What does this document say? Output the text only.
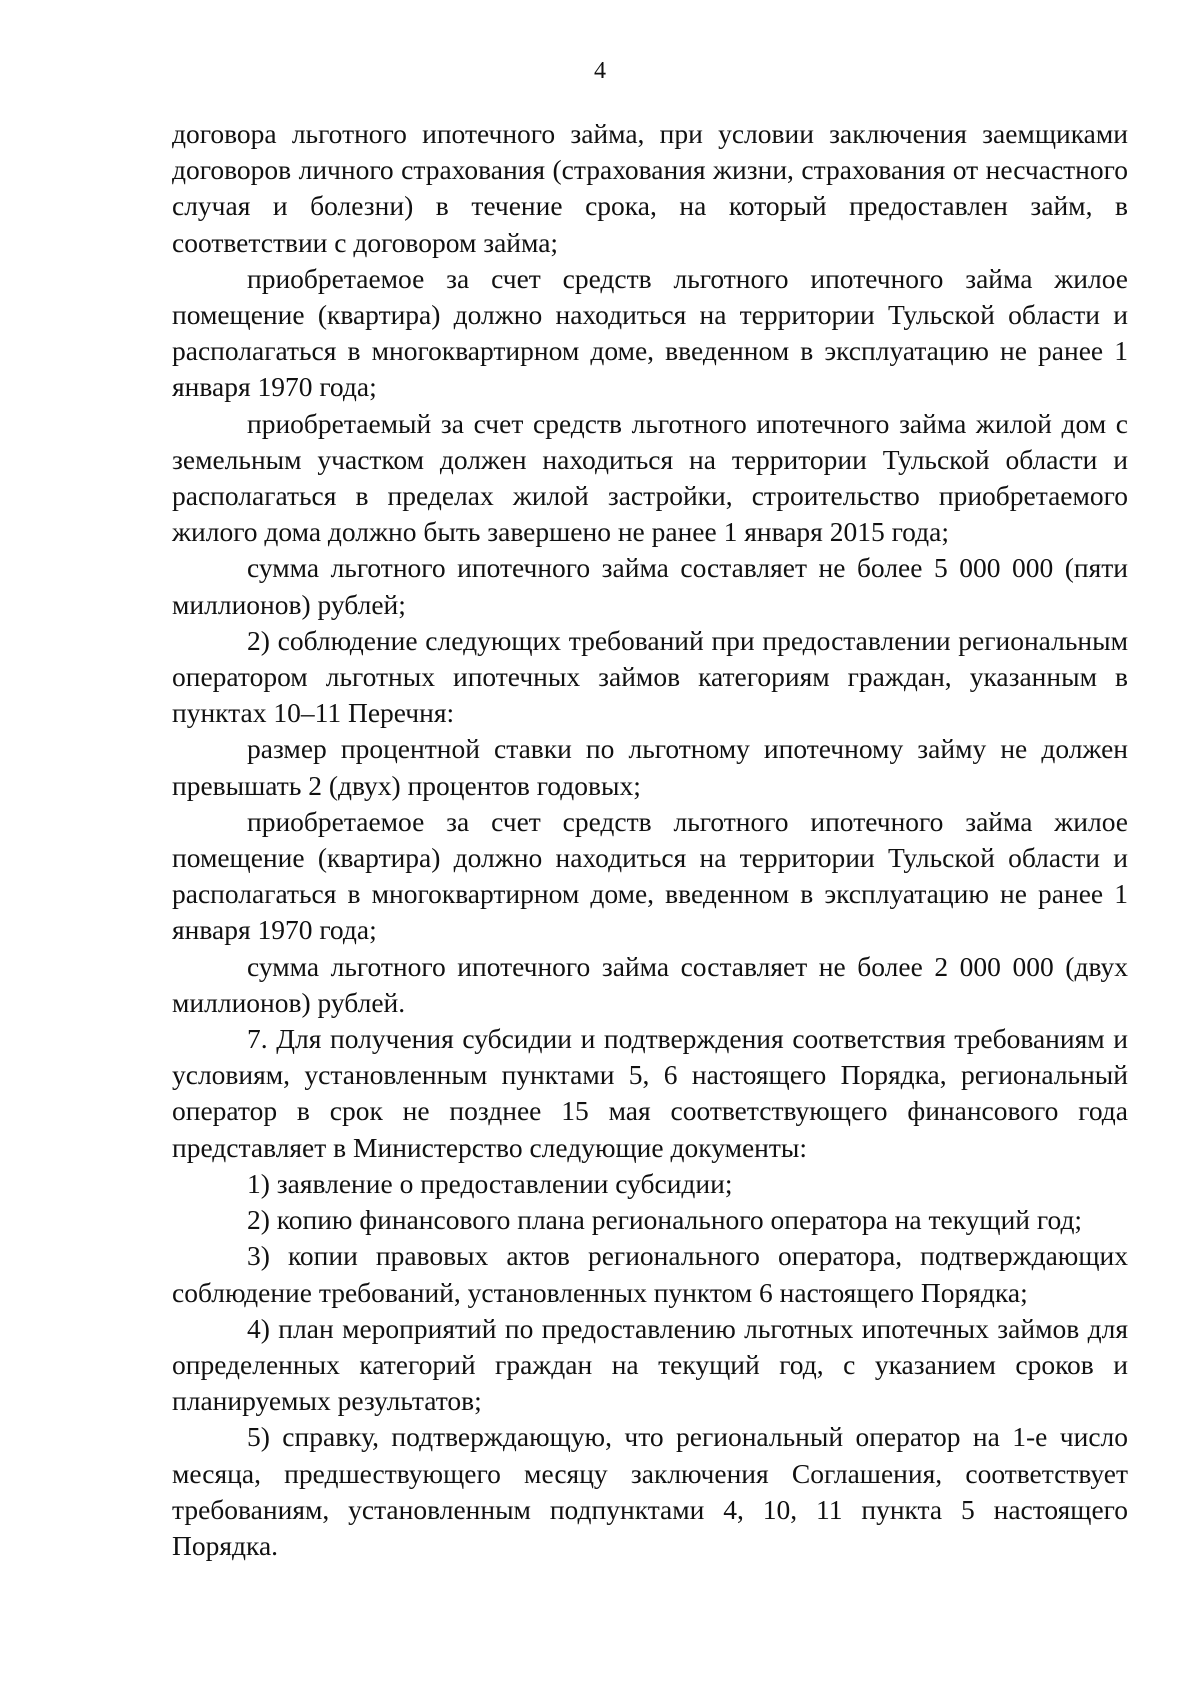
4

договора льготного ипотечного займа, при условии заключения заемщиками договоров личного страхования (страхования жизни, страхования от несчастного случая и болезни) в течение срока, на который предоставлен займ, в соответствии с договором займа;

приобретаемое за счет средств льготного ипотечного займа жилое помещение (квартира) должно находиться на территории Тульской области и располагаться в многоквартирном доме, введенном в эксплуатацию не ранее 1 января 1970 года;

приобретаемый за счет средств льготного ипотечного займа жилой дом с земельным участком должен находиться на территории Тульской области и располагаться в пределах жилой застройки, строительство приобретаемого жилого дома должно быть завершено не ранее 1 января 2015 года;

сумма льготного ипотечного займа составляет не более 5 000 000 (пяти миллионов) рублей;

2) соблюдение следующих требований при предоставлении региональным оператором льготных ипотечных займов категориям граждан, указанным в пунктах 10–11 Перечня:

размер процентной ставки по льготному ипотечному займу не должен превышать 2 (двух) процентов годовых;

приобретаемое за счет средств льготного ипотечного займа жилое помещение (квартира) должно находиться на территории Тульской области и располагаться в многоквартирном доме, введенном в эксплуатацию не ранее 1 января 1970 года;

сумма льготного ипотечного займа составляет не более 2 000 000 (двух миллионов) рублей.

7. Для получения субсидии и подтверждения соответствия требованиям и условиям, установленным пунктами 5, 6 настоящего Порядка, региональный оператор в срок не позднее 15 мая соответствующего финансового года представляет в Министерство следующие документы:

1) заявление о предоставлении субсидии;

2) копию финансового плана регионального оператора на текущий год;

3) копии правовых актов регионального оператора, подтверждающих соблюдение требований, установленных пунктом 6 настоящего Порядка;

4) план мероприятий по предоставлению льготных ипотечных займов для определенных категорий граждан на текущий год, с указанием сроков и планируемых результатов;

5) справку, подтверждающую, что региональный оператор на 1-е число месяца, предшествующего месяцу заключения Соглашения, соответствует требованиям, установленным подпунктами 4, 10, 11 пункта 5 настоящего Порядка.
